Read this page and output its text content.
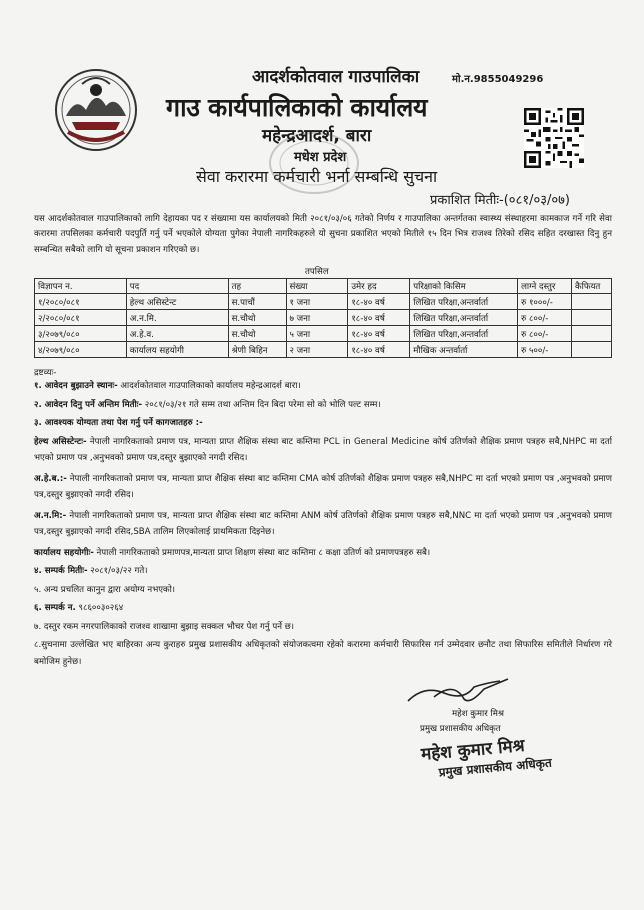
आदर्शकोतवाल गाउपालिका	मो.न.9855049296
गाउ कार्यपालिकाको कार्यालय
महेन्द्रआदर्श, बारा
मधेश प्रदेश
सेवा करारमा कर्मचारी भर्ना सम्बन्धि सुचना
प्रकाशित मितीः-(०८१/०३/०७)

यस आदर्शकोतवाल गाउपालिकाको लागि देहायका पद र संख्यामा यस कार्यालयको मिती २०८१/०३/०६ गतेको निर्णय र गाउपालिका अन्तर्गतका स्वास्थ्य संस्थाहरमा कामकाज गर्ने गरि सेवा करारमा तपसिलका कर्मचारी पदपुर्ति गर्नु पर्ने भएकोले योग्यता पुगेका नेपाली नागरिकहरुले यो सुचना प्रकाशित भएको मितीले १५ दिन भित्र राजश्व तिरेको रसिद सहित दरखास्त दिनु हुन सम्बन्धित सबैको लागि यो सूचना प्रकाशन गरिएको छ।

तपसिल
विज्ञापन न.	पद	तह	संख्या	उमेर हद	परिक्षाको किसिम	लाग्ने दस्तुर	कैफियत
१/२०८०/०८१	हेल्थ असिस्टेन्ट	स.पाचौं	१ जना	१८-४० वर्ष	लिखित परिक्षा,अन्तर्वार्ता	रु १०००/-	
२/२०८०/०८१	अ.न.मि.	स.चौथो	७ जना	१८-४० वर्ष	लिखित परिक्षा,अन्तर्वार्ता	रु ८००/-	
३/२०७९/०८०	अ.हे.व.	स.चौथो	५ जना	१८-४० वर्ष	लिखित परिक्षा,अन्तर्वार्ता	रु ८००/-	
४/२०७९/०८०	कार्यालय सहयोगी	श्रेणी बिहिन	२ जना	१८-४० वर्ष	मौखिक अन्तर्वार्ता	रु ५००/-	
द्रष्टव्यः-

१. आवेदन बुझाउने स्थानः- आदर्शकोतवाल गाउपालिकाको कार्यालय महेन्द्रआदर्श बारा।

२. आवेदन दिनु पर्ने अन्तिम मितीः- २०८१/०३/२१ गते सम्म तथा अन्तिम दिन बिदा परेमा सो को भोलि पल्ट सम्म।

३. आवश्यक योग्यता तथा पेश गर्नु पर्ने कागजातहरु :-

हेल्थ असिस्टेन्टः- नेपाली नागरिकताको प्रमाण पत्र, मान्यता प्राप्त शैक्षिक संस्था बाट कम्तिमा PCL in General Medicine कोर्ष उतिर्णको शैक्षिक प्रमाण पत्रहरु सबै,NHPC मा दर्ता भएको प्रमाण पत्र ,अनुभवको प्रमाण पत्र,दस्तुर बुझाएको नगदी रसिद।

अ.हे.ब.:- नेपाली नागरिकताको प्रमाण पत्र, मान्यता प्राप्त शैक्षिक संस्था बाट कम्तिमा CMA कोर्ष उतिर्णको शैक्षिक प्रमाण पत्रहरु सबै,NHPC मा दर्ता भएको प्रमाण पत्र ,अनुभवको प्रमाण पत्र,दस्तुर बुझाएको नगदी रसिद।

अ.न.मि:- नेपाली नागरिकताको प्रमाण पत्र, मान्यता प्राप्त शैक्षिक संस्था बाट कम्तिमा ANM कोर्ष उतिर्णको शैक्षिक प्रमाण पत्रहरु सबै,NNC मा दर्ता भएको प्रमाण पत्र ,अनुभवको प्रमाण पत्र,दस्तुर बुझाएको नगदी रसिद,SBA तालिम लिएकोलाई प्राथमिकता दिइनेछ।

कार्यालय सहयोगीः- नेपाली नागरिकताको प्रमाणपत्र,मान्यता प्राप्त शिक्षण संस्था बाट कम्तिमा ८ कक्षा उतिर्ण को प्रमाणपत्रहरु सबै।

४. सम्पर्क मितीः- २०८१/०३/२२ गते।

५. अन्य प्रचलित कानुन द्वारा अयोग्य नभएको।

६. सम्पर्क न. ९८६००३०२६४

७. दस्तुर रकम नगरपालिकाको राजश्व शाखामा बुझाइ सक्कल भौचर पेश गर्नु पर्ने छ।

८.सुचनामा उल्लेखित भए बाहिरका अन्य कुराहरु प्रमुख प्रशासकीय अधिकृतको संयोजकत्वमा रहेको करारमा कर्मचारी सिफारिस गर्न उम्मेदवार छनौट तथा सिफारिस समितीले निर्धारण गरे बमोजिम हुनेछ।

महेश कुमार मिश्र
प्रमुख प्रशासकीय अधिकृत
महेश कुमार मिश्र
प्रमुख प्रशासकीय अधिकृत
